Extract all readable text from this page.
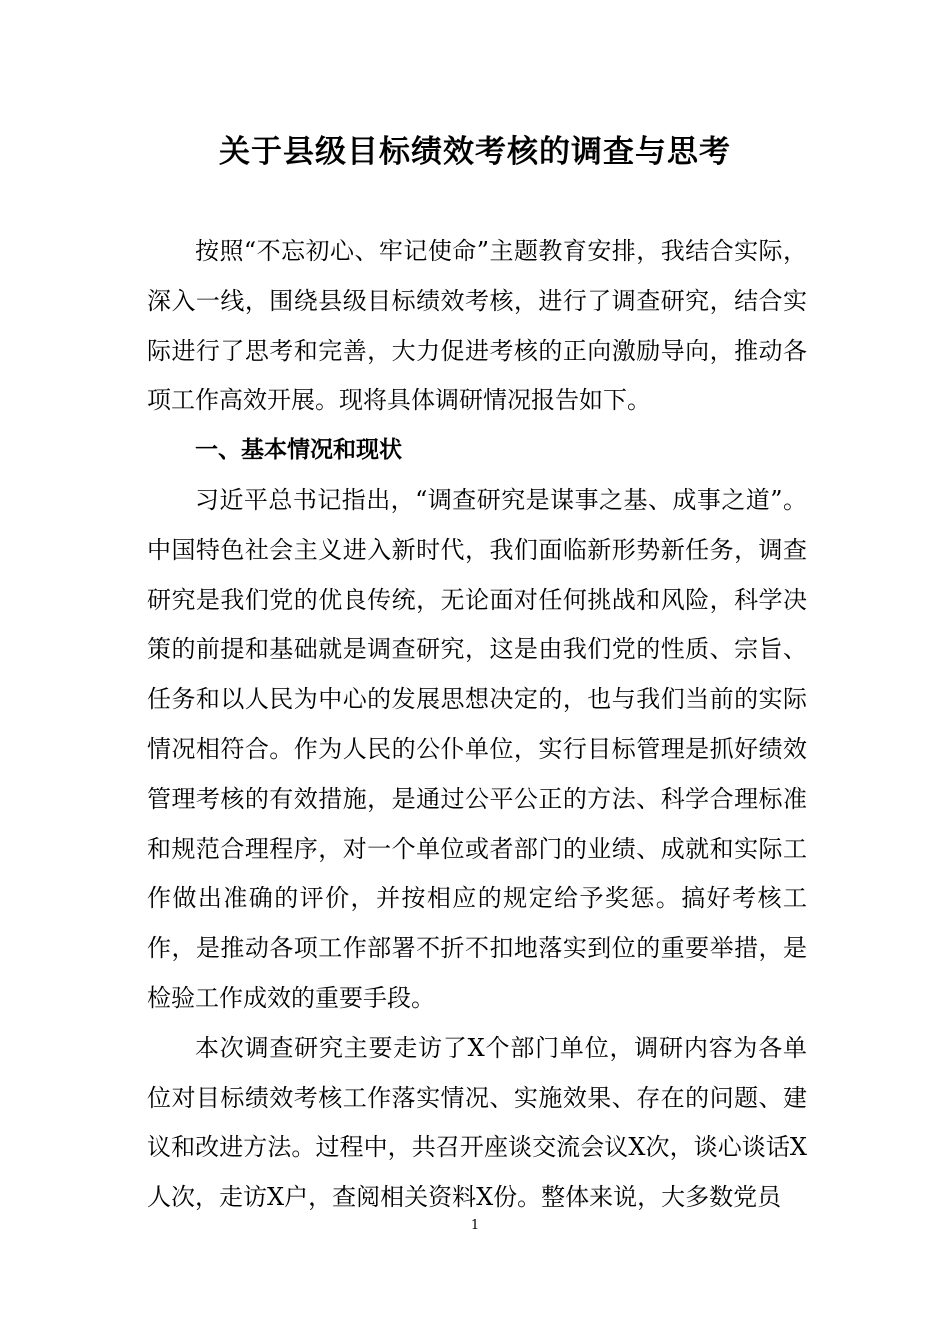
关于县级目标绩效考核的调查与思考

按照“不忘初心、牢记使命”主题教育安排，我结合实际，深入一线，围绕县级目标绩效考核，进行了调查研究，结合实际进行了思考和完善，大力促进考核的正向激励导向，推动各项工作高效开展。现将具体调研情况报告如下。

一、基本情况和现状

习近平总书记指出，“调查研究是谋事之基、成事之道”。中国特色社会主义进入新时代，我们面临新形势新任务，调查研究是我们党的优良传统，无论面对任何挑战和风险，科学决策的前提和基础就是调查研究，这是由我们党的性质、宗旨、任务和以人民为中心的发展思想决定的，也与我们当前的实际情况相符合。作为人民的公仆单位，实行目标管理是抓好绩效管理考核的有效措施，是通过公平公正的方法、科学合理标准和规范合理程序，对一个单位或者部门的业绩、成就和实际工作做出准确的评价，并按相应的规定给予奖惩。搞好考核工作，是推动各项工作部署不折不扣地落实到位的重要举措，是检验工作成效的重要手段。

本次调查研究主要走访了X个部门单位，调研内容为各单位对目标绩效考核工作落实情况、实施效果、存在的问题、建议和改进方法。过程中，共召开座谈交流会议X次，谈心谈话X人次，走访X户，查阅相关资料X份。整体来说，大多数党员

1
